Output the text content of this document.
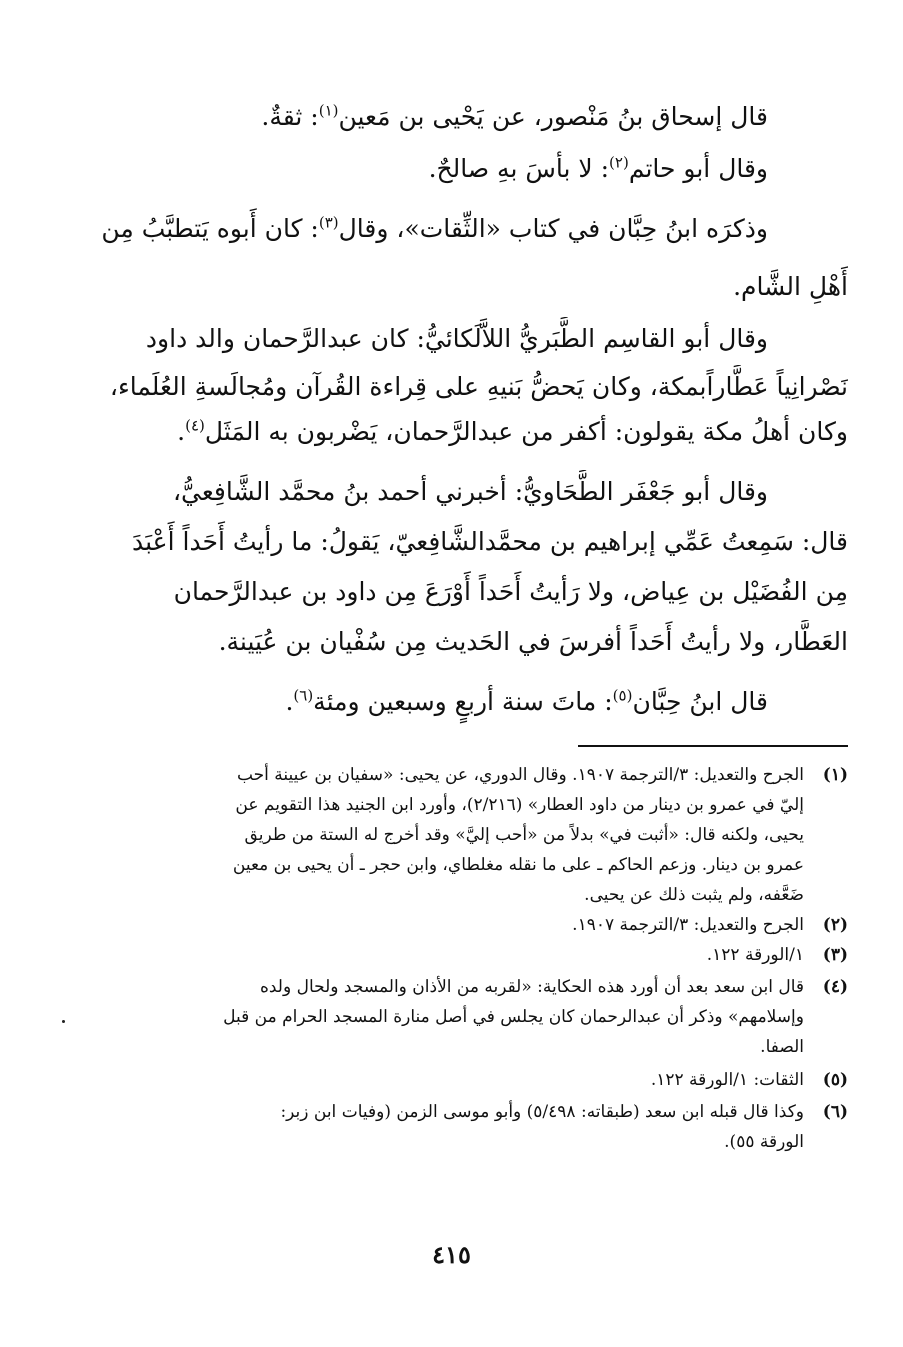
قال إسحاق بنُ مَنْصور، عن يَحْيى بن مَعين$^{(١)}$: ثقةٌ.
وقال أبو حاتم$^{(٢)}$: لا بأسَ بهِ صالحٌ.
وذكرَه ابنُ حِبَّان في كتاب «الثِّقات»، وقال$^{(٣)}$: كان أَبوه يَتطبَّبُ مِن
أَهْلِ الشَّام.
وقال أبو القاسِم الطَّبَريُّ اللاَّلَكائيُّ: كان عبدالرَّحمان والد داود
نَصْرانِياً عَطَّاراًبمكة، وكان يَحضُّ بَنيهِ على قِراءة القُرآن ومُجالَسةِ العُلَماء،
وكان أهلُ مكة يقولون: أكفر من عبدالرَّحمان، يَضْربون به المَثَل$^{(٤)}$.
وقال أبو جَعْفَر الطَّحَاويُّ: أخبرني أحمد بنُ محمَّد الشَّافِعيُّ،
قال: سَمِعتُ عَمِّي إبراهيم بن محمَّدالشَّافِعيّ، يَقولُ: ما رأيتُ أَحَداً أَعْبَدَ
مِن الفُضَيْل بن عِياض، ولا رَأيتُ أَحَداً أَوْرَعَ مِن داود بن عبدالرَّحمان
العَطَّار، ولا رأيتُ أَحَداً أفرسَ في الحَديث مِن سُفْيان بن عُيَينة.
قال ابنُ حِبَّان$^{(٥)}$: ماتَ سنة أربعٍ وسبعين ومئة$^{(٦)}$.
(١)الجرح والتعديل: ٣/الترجمة ١٩٠٧. وقال الدوري، عن يحيى: «سفيان بن عيينة أحب
إليّ في عمرو بن دينار من داود العطار» (٢/٢١٦)، وأورد ابن الجنيد هذا التقويم عن
يحيى، ولكنه قال: «أثبت في» بدلاً من «أحب إليَّ» وقد أخرج له الستة من طريق
عمرو بن دينار. وزعم الحاكم ـ على ما نقله مغلطاي، وابن حجر ـ أن يحيى بن معين
ضَعَّفه، ولم يثبت ذلك عن يحيى.
(٢)الجرح والتعديل: ٣/الترجمة ١٩٠٧.
(٣)١/الورقة ١٢٢.
(٤)قال ابن سعد بعد أن أورد هذه الحكاية: «لقربه من الأذان والمسجد ولحال ولده
وإسلامهم» وذكر أن عبدالرحمان كان يجلس في أصل منارة المسجد الحرام من قبل
الصفا.
(٥)الثقات: ١/الورقة ١٢٢.
(٦)وكذا قال قبله ابن سعد (طبقاته: ٥/٤٩٨) وأبو موسى الزمن (وفيات ابن زبر:
الورقة ٥٥).
٤١٥
